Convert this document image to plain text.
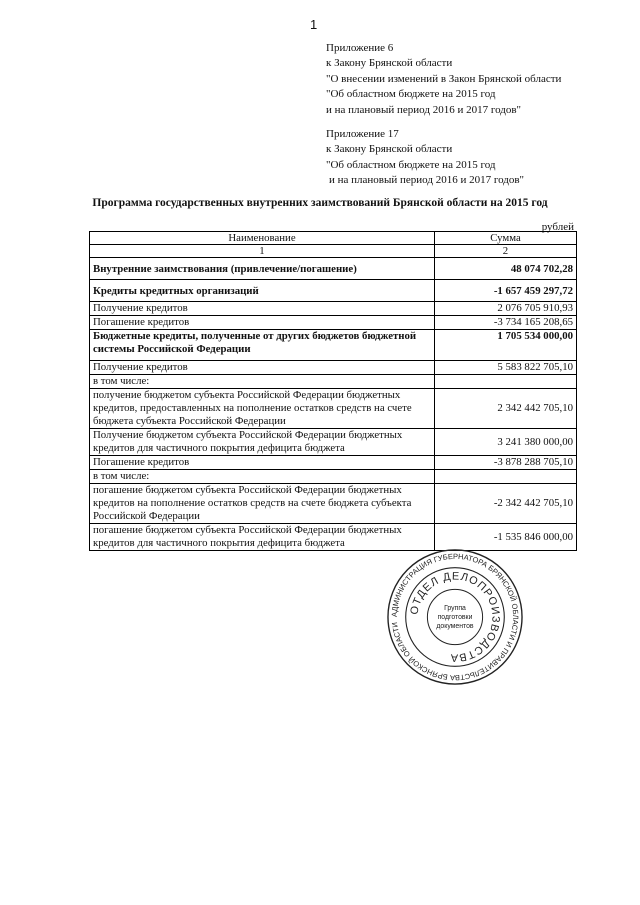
1
Приложение 6
к Закону Брянской области
"О внесении изменений в Закон Брянской области
"Об областном бюджете на 2015 год
и на плановый период 2016 и 2017 годов"
Приложение 17
к Закону Брянской области
"Об областном бюджете на 2015 год
и на плановый период 2016 и 2017 годов"
Программа государственных внутренних заимствований Брянской области на 2015 год
рублей
Наименование	Сумма
1	2
Внутренние заимствования (привлечение/погашение)	48 074 702,28
Кредиты кредитных организаций	-1 657 459 297,72
Получение кредитов	2 076 705 910,93
Погашение кредитов	-3 734 165 208,65
Бюджетные кредиты, полученные от других бюджетов бюджетной системы Российской Федерации	1 705 534 000,00
Получение кредитов	5 583 822 705,10
в том числе:	
получение бюджетом субъекта Российской Федерации бюджетных кредитов, предоставленных на пополнение остатков средств на счете бюджета субъекта Российской Федерации	2 342 442 705,10
Получение бюджетом субъекта Российской Федерации бюджетных кредитов для частичного покрытия дефицита бюджета	3 241 380 000,00
Погашение кредитов	-3 878 288 705,10
в том числе:	
погашение бюджетом субъекта Российской Федерации бюджетных кредитов на пополнение остатков средств на счете бюджета субъекта Российской Федерации	-2 342 442 705,10
погашение бюджетом субъекта Российской Федерации бюджетных кредитов для частичного покрытия дефицита бюджета	-1 535 846 000,00
АДМИНИСТРАЦИЯ ГУБЕРНАТОРА БРЯНСКОЙ ОБЛАСТИ И ПРАВИТЕЛЬСТВА БРЯНСКОЙ ОБЛАСТИ
ОТДЕЛ ДЕЛОПРОИЗВОДСТВА
Группа
подготовки
документов
